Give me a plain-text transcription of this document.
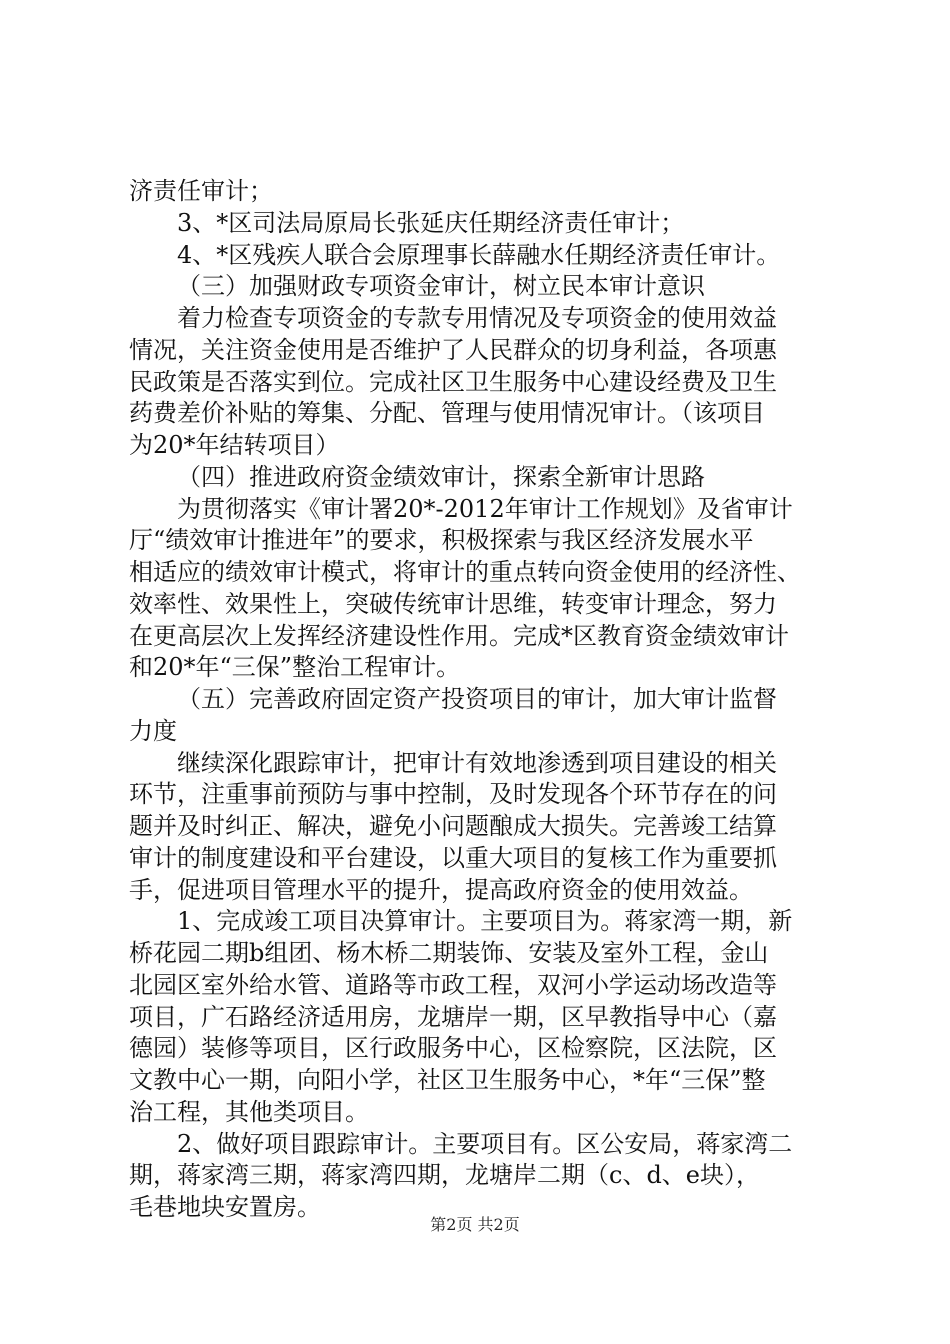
济责任审计；
3、*区司法局原局长张延庆任期经济责任审计；
4、*区残疾人联合会原理事长薛融水任期经济责任审计。
（三）加强财政专项资金审计，树立民本审计意识
着力检查专项资金的专款专用情况及专项资金的使用效益
情况，关注资金使用是否维护了人民群众的切身利益，各项惠
民政策是否落实到位。完成社区卫生服务中心建设经费及卫生
药费差价补贴的筹集、分配、管理与使用情况审计。（该项目
为20*年结转项目）
（四）推进政府资金绩效审计，探索全新审计思路
为贯彻落实《审计署20*-2012年审计工作规划》及省审计
厅“绩效审计推进年”的要求，积极探索与我区经济发展水平
相适应的绩效审计模式，将审计的重点转向资金使用的经济性、
效率性、效果性上，突破传统审计思维，转变审计理念，努力
在更高层次上发挥经济建设性作用。完成*区教育资金绩效审计
和20*年“三保”整治工程审计。
（五）完善政府固定资产投资项目的审计，加大审计监督
力度
继续深化跟踪审计，把审计有效地渗透到项目建设的相关
环节，注重事前预防与事中控制，及时发现各个环节存在的问
题并及时纠正、解决，避免小问题酿成大损失。完善竣工结算
审计的制度建设和平台建设，以重大项目的复核工作为重要抓
手，促进项目管理水平的提升，提高政府资金的使用效益。
1、完成竣工项目决算审计。主要项目为。蒋家湾一期，新
桥花园二期b组团、杨木桥二期装饰、安装及室外工程，金山
北园区室外给水管、道路等市政工程，双河小学运动场改造等
项目，广石路经济适用房，龙塘岸一期，区早教指导中心（嘉
德园）装修等项目，区行政服务中心，区检察院，区法院，区
文教中心一期，向阳小学，社区卫生服务中心，*年“三保”整
治工程，其他类项目。
2、做好项目跟踪审计。主要项目有。区公安局，蒋家湾二
期，蒋家湾三期，蒋家湾四期，龙塘岸二期（c、d、e块），
毛巷地块安置房。
第2页 共2页
